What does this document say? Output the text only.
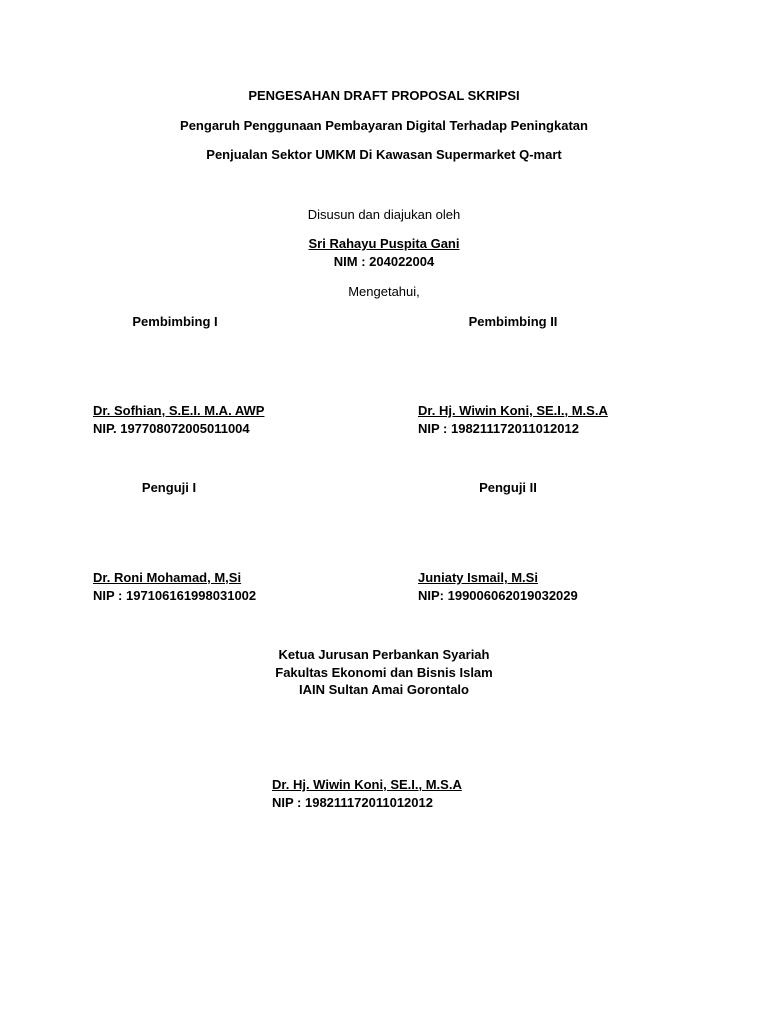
PENGESAHAN DRAFT PROPOSAL SKRIPSI
Pengaruh Penggunaan Pembayaran Digital Terhadap Peningkatan
Penjualan Sektor UMKM Di Kawasan Supermarket Q-mart
Disusun dan diajukan oleh
Sri Rahayu Puspita Gani
NIM : 204022004
Mengetahui,
Pembimbing I	Pembimbing II
Dr. Sofhian, S.E.I. M.A. AWP
NIP. 197708072005011004
Dr. Hj. Wiwin Koni, SE.I., M.S.A
NIP : 198211172011012012
Penguji I	Penguji II
Dr. Roni Mohamad, M,Si
NIP : 197106161998031002
Juniaty Ismail, M.Si
NIP: 199006062019032029
Ketua Jurusan Perbankan Syariah
Fakultas Ekonomi dan Bisnis Islam
IAIN Sultan Amai Gorontalo
Dr. Hj. Wiwin Koni, SE.I., M.S.A
NIP : 198211172011012012
